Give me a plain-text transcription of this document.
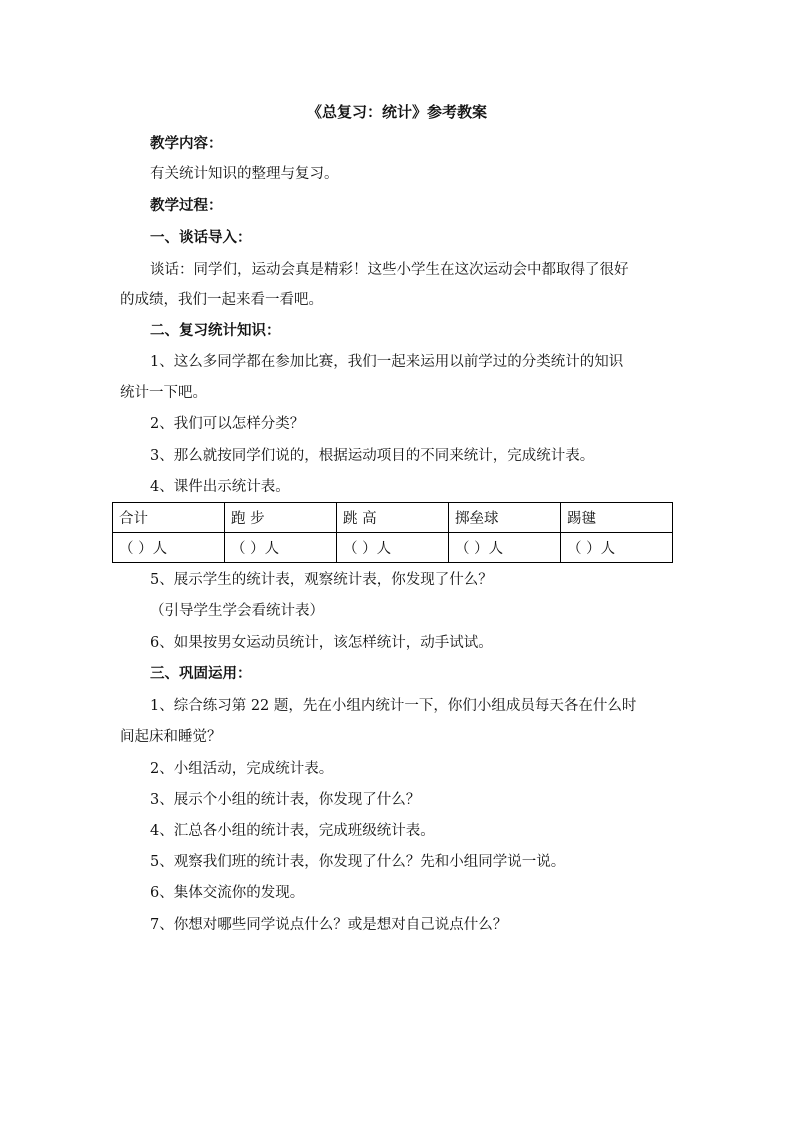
《总复习：统计》参考教案
教学内容：
有关统计知识的整理与复习。
教学过程：
一、谈话导入：
谈话：同学们，运动会真是精彩！这些小学生在这次运动会中都取得了很好
的成绩，我们一起来看一看吧。
二、复习统计知识：
1、这么多同学都在参加比赛，我们一起来运用以前学过的分类统计的知识
统计一下吧。
2、我们可以怎样分类？
3、那么就按同学们说的，根据运动项目的不同来统计，完成统计表。
4、课件出示统计表。
合计	跑 步	跳 高	掷垒球	踢毽
（ ）人	（ ）人	（ ）人	（ ）人	（ ）人
5、展示学生的统计表，观察统计表，你发现了什么？
（引导学生学会看统计表）
6、如果按男女运动员统计，该怎样统计，动手试试。
三、巩固运用：
1、综合练习第 22 题，先在小组内统计一下，你们小组成员每天各在什么时
间起床和睡觉？
2、小组活动，完成统计表。
3、展示个小组的统计表，你发现了什么？
4、汇总各小组的统计表，完成班级统计表。
5、观察我们班的统计表，你发现了什么？先和小组同学说一说。
6、集体交流你的发现。
7、你想对哪些同学说点什么？或是想对自己说点什么？
